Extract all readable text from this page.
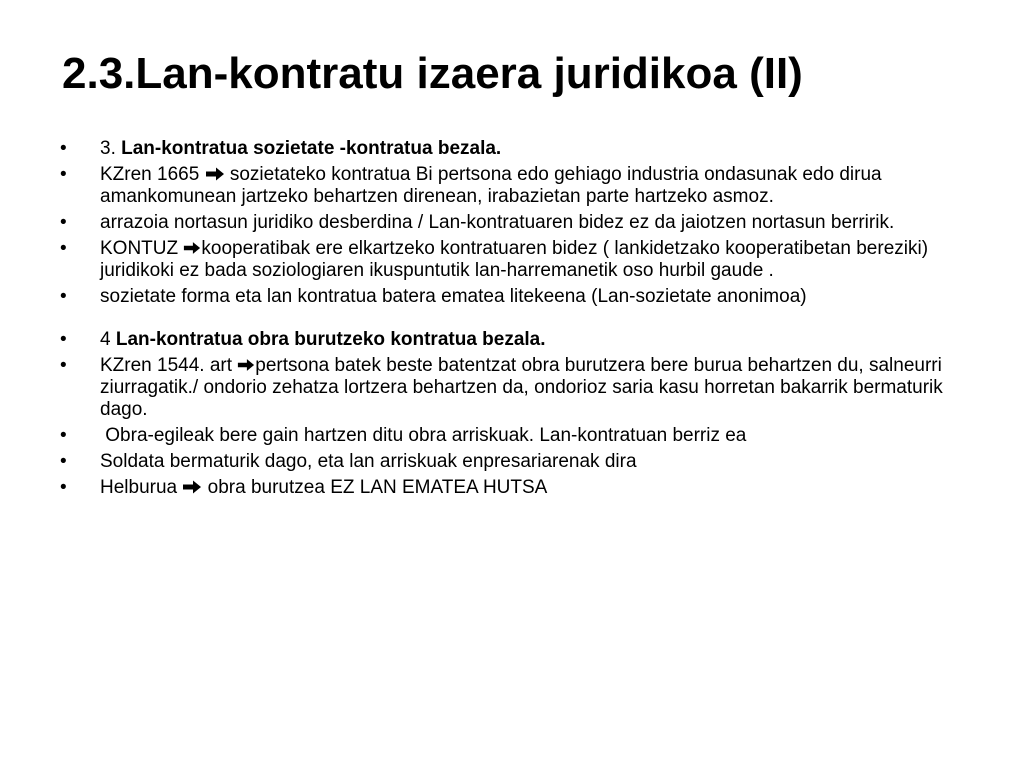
2.3.Lan-kontratu izaera juridikoa (II)
•	3. Lan-kontratua sozietate -kontratua bezala.
•	KZren 1665
sozietateko kontratua Bi pertsona edo gehiago industria ondasunak edo dirua amankomunean jartzeko behartzen direnean, irabazietan parte hartzeko asmoz.
•	arrazoia nortasun juridiko desberdina / Lan-kontratuaren bidez ez da jaiotzen nortasun berririk.
•	KONTUZ
kooperatibak ere elkartzeko kontratuaren bidez ( lankidetzako kooperatibetan bereziki) juridikoki ez bada soziologiaren ikuspuntutik lan-harremanetik oso hurbil gaude .
•	sozietate forma eta lan kontratua batera ematea litekeena (Lan-sozietate anonimoa)
•	4 Lan-kontratua obra burutzeko kontratua bezala.
•	KZren 1544. art
pertsona batek beste batentzat obra burutzera bere burua behartzen du, salneurri ziurragatik./ ondorio zehatza lortzera behartzen da, ondorioz saria kasu horretan bakarrik bermaturik dago.
•	Obra-egileak bere gain hartzen ditu obra arriskuak. Lan-kontratuan berriz ea
•	Soldata bermaturik dago, eta lan arriskuak enpresariarenak dira
•	Helburua
obra burutzea EZ LAN EMATEA HUTSA
